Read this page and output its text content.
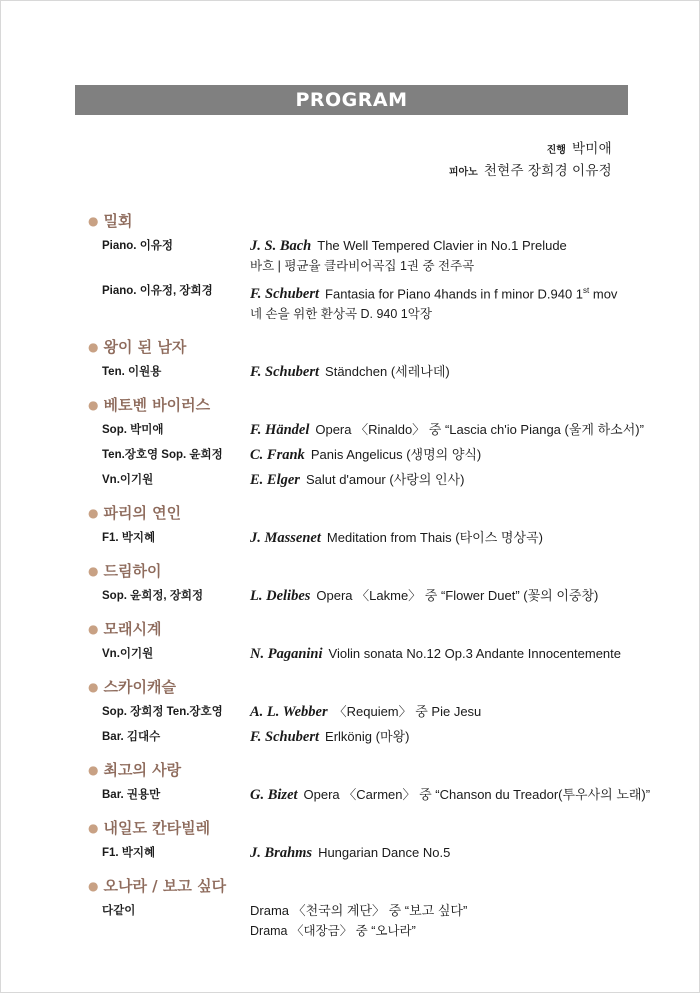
PROGRAM
진행 박미애
피아노 천현주 장희경 이유정
● 밀회
Piano. 이유정	J. S. Bach The Well Tempered Clavier in No.1 Prelude
바흐 | 평균율 클라비어곡집 1권 중 전주곡
Piano. 이유정, 장희경	F. Schubert Fantasia for Piano 4hands in f minor D.940 1st mov
네 손을 위한 환상곡 D. 940 1악장
● 왕이 된 남자
Ten. 이원용	F. Schubert Ständchen (세레나데)
● 베토벤 바이러스
Sop. 박미애	F. Händel Opera 〈Rinaldo〉 중 “Lascia ch'io Pianga (울게 하소서)”
Ten.장호영 Sop. 윤희정	C. Frank Panis Angelicus (생명의 양식)
Vn.이기원	E. Elger Salut d'amour (사랑의 인사)
● 파리의 연인
F1. 박지혜	J. Massenet Meditation from Thais (타이스 명상곡)
● 드림하이
Sop. 윤희정, 장희정	L. Delibes Opera 〈Lakme〉 중 “Flower Duet” (꽃의 이중창)
● 모래시계
Vn.이기원	N. Paganini Violin sonata No.12 Op.3 Andante Innocentemente
● 스카이캐슬
Sop. 장희정 Ten.장호영	A. L. Webber 〈Requiem〉 중 Pie Jesu
Bar. 김대수	F. Schubert Erlkönig (마왕)
● 최고의 사랑
Bar. 권용만	G. Bizet Opera 〈Carmen〉 중 “Chanson du Treador(투우사의 노래)”
● 내일도 칸타빌레
F1. 박지혜	J. Brahms Hungarian Dance No.5
● 오나라 / 보고 싶다
다같이	Drama 〈천국의 계단〉 중 “보고 싶다”
Drama 〈대장금〉 중 “오나라”
